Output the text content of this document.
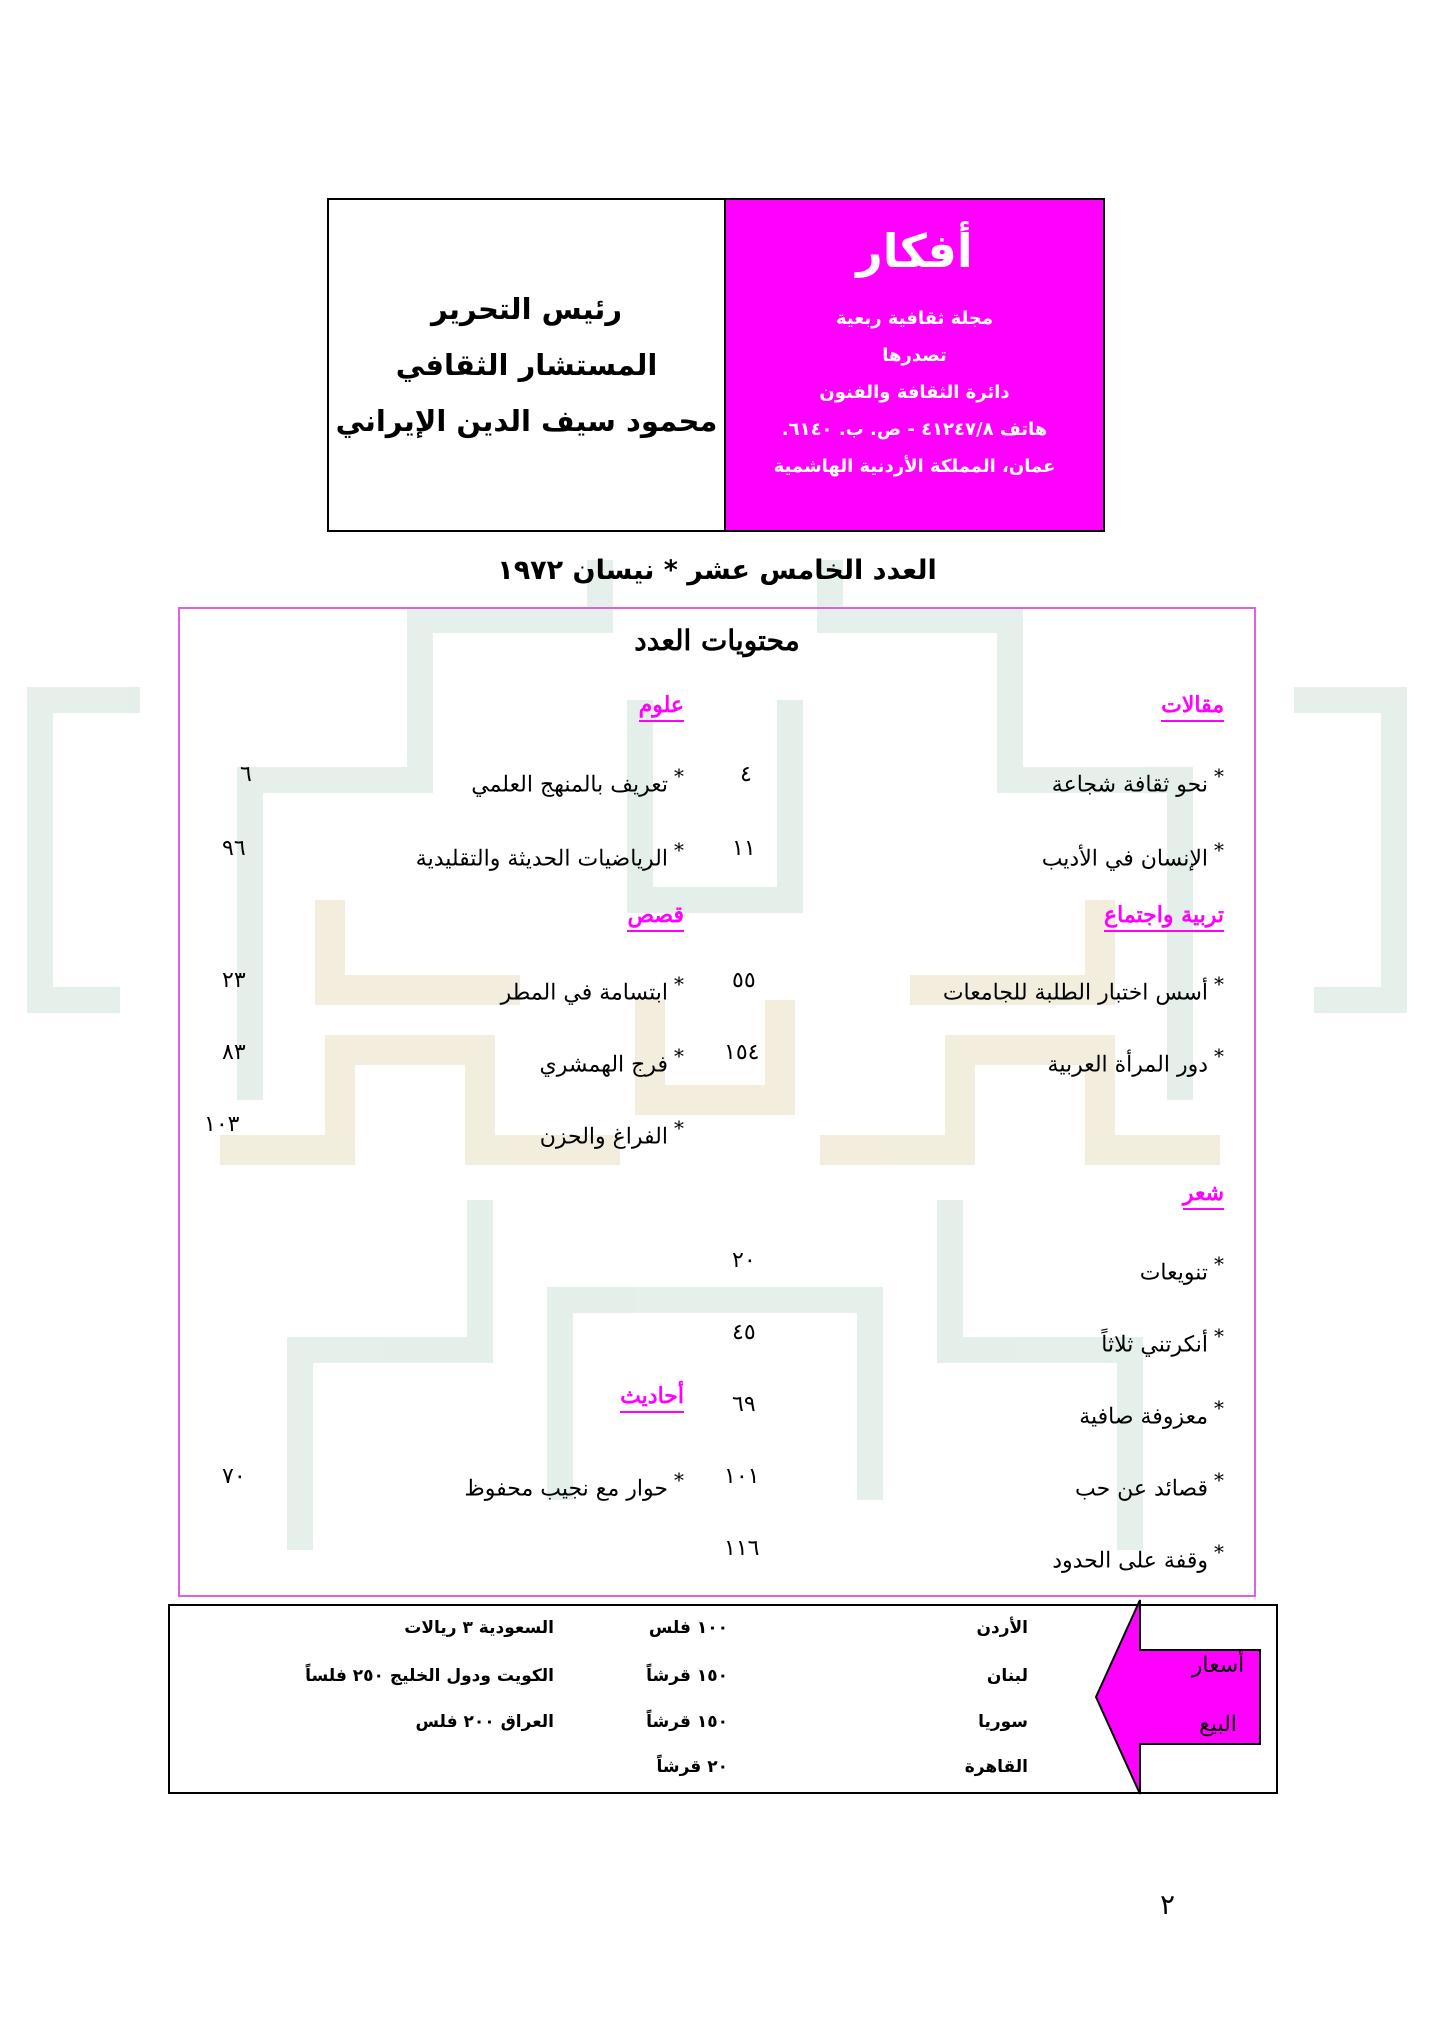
رئيس التحرير
المستشار الثقافي
محمود سيف الدين الإيراني
أفكار
مجلة ثقافية ربعية
تصدرها
دائرة الثقافة والفنون
هاتف ٤١٢٤٧/٨ - ص. ب. ٦١٤٠.
عمان، المملكة الأردنية الهاشمية
العدد الخامس عشر * نيسان ١٩٧٢
محتويات العدد
مقالات
تربية واجتماع
شعر
علوم
قصص
أحاديث
*نحو ثقافة شجاعة
٤
*الإنسان في الأديب
١١
*أسس اختبار الطلبة للجامعات
٥٥
*دور المرأة العربية
١٥٤
*تنويعات
٢٠
*أنكرتني ثلاثاً
٤٥
*معزوفة صافية
٦٩
*قصائد عن حب
١٠١
*وقفة على الحدود
١١٦
*تعريف بالمنهج العلمي
٦
*الرياضيات الحديثة والتقليدية
٩٦
*ابتسامة في المطر
٢٣
*فرج الهمشري
٨٣
*الفراغ والحزن
١٠٣
*حوار مع نجيب محفوظ
٧٠
أسعار
البيع
الأردن
١٠٠ فلس
السعودية ٣ ريالات
لبنان
١٥٠ قرشاً
الكويت ودول الخليج ٢٥٠ فلساً
سوريا
١٥٠ قرشاً
العراق ٢٠٠ فلس
القاهرة
٢٠ قرشاً
٢
